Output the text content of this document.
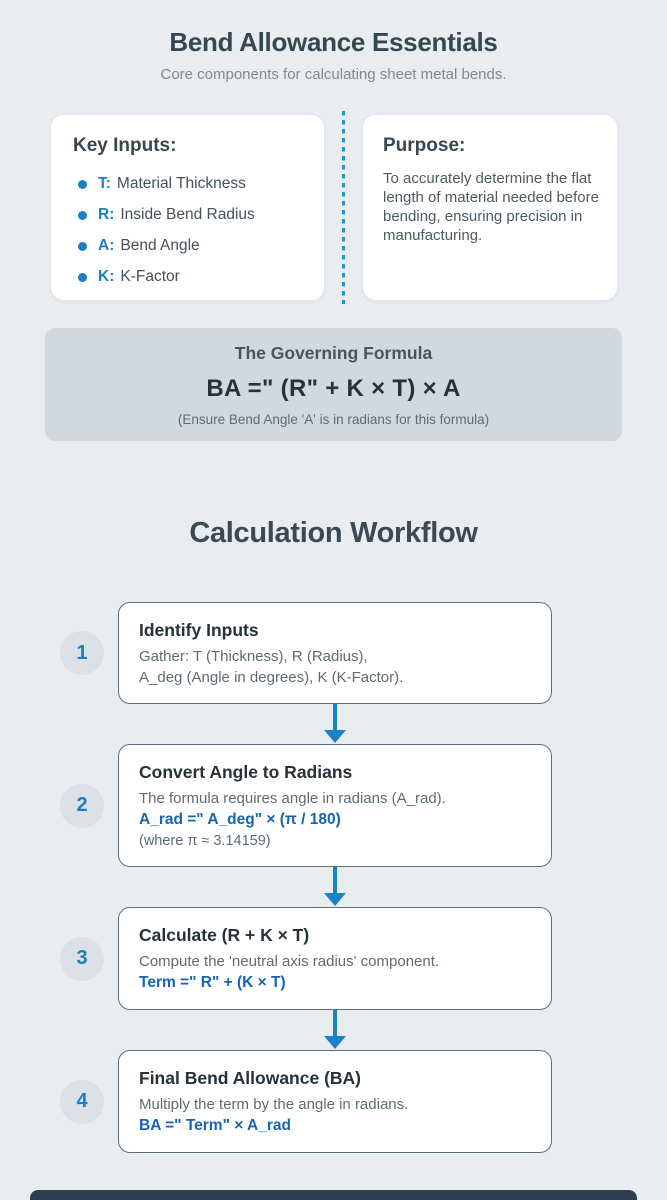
Bend Allowance Essentials
Core components for calculating sheet metal bends.
Key Inputs:
T: Material Thickness
R: Inside Bend Radius
A: Bend Angle
K: K-Factor
Purpose:
To accurately determine the flat length of material needed before bending, ensuring precision in manufacturing.
The Governing Formula
BA =" (R" + K × T) × A
(Ensure Bend Angle 'A' is in radians for this formula)
Calculation Workflow
1
Identify Inputs
Gather: T (Thickness), R (Radius),
A_deg (Angle in degrees), K (K-Factor).
2
Convert Angle to Radians
The formula requires angle in radians (A_rad).
A_rad =" A_deg" × (π / 180)
(where π ≈ 3.14159)
3
Calculate (R + K × T)
Compute the 'neutral axis radius' component.
Term =" R" + (K × T)
4
Final Bend Allowance (BA)
Multiply the term by the angle in radians.
BA =" Term" × A_rad
